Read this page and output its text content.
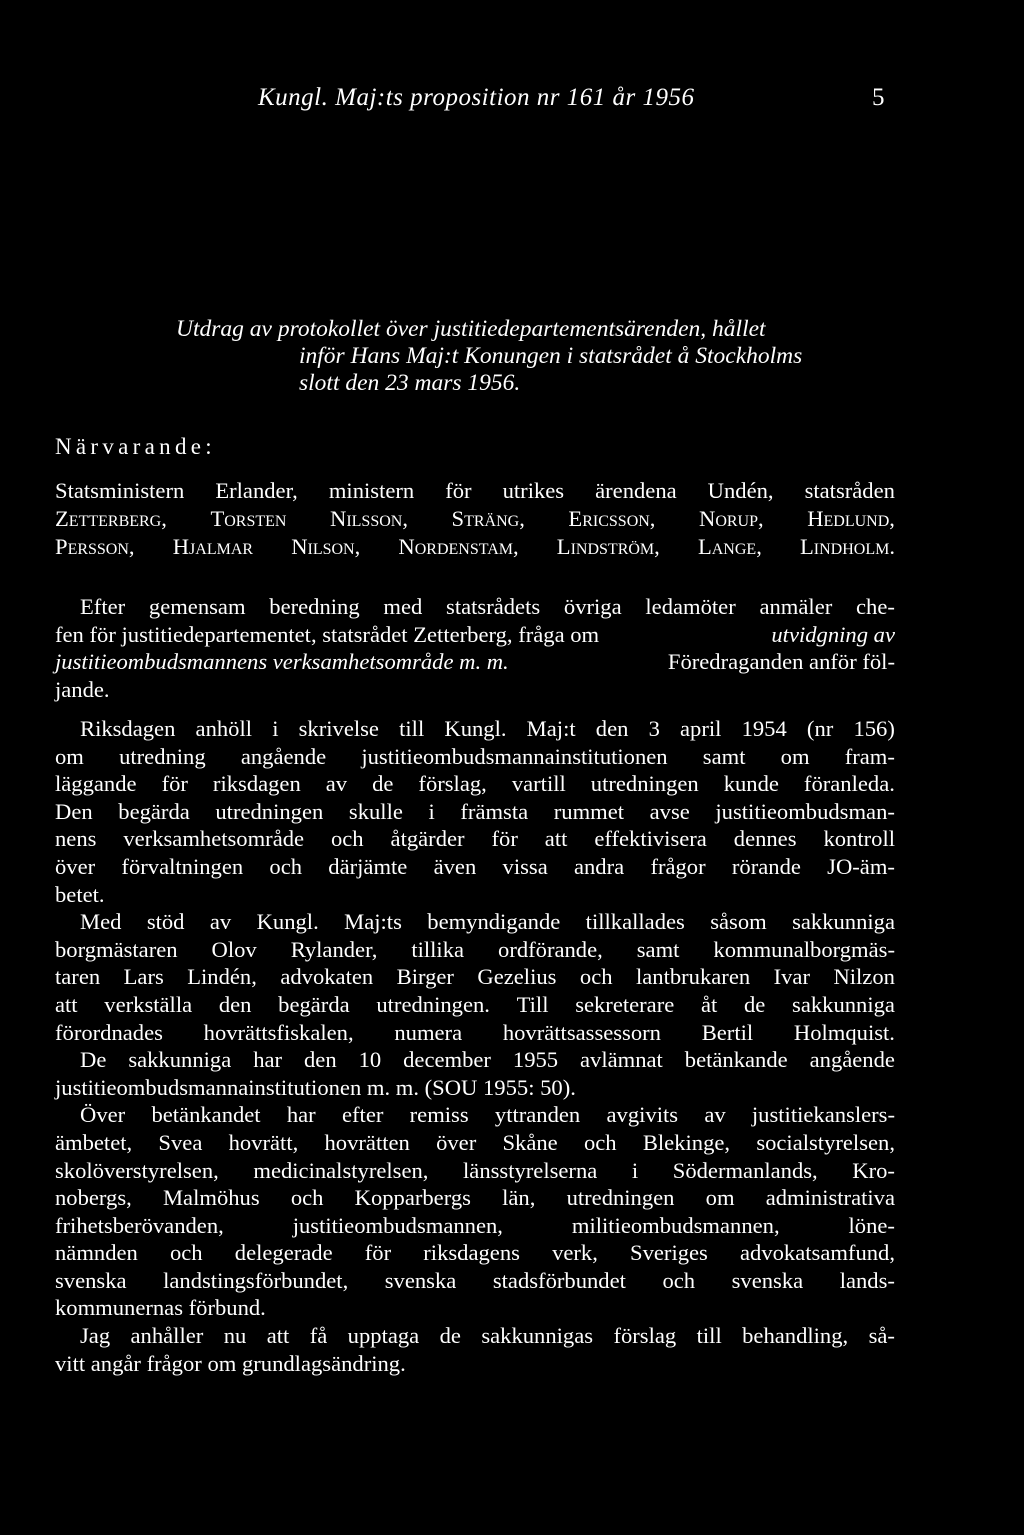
Kungl. Maj:ts proposition nr 161 år 1956	5
Utdrag av protokollet över justitiedepartementsärenden, hållet
inför Hans Maj:t Konungen i statsrådet å Stockholms
slott den 23 mars 1956.
Närvarande:
Statsministern Erlander, ministern för utrikes ärendena Undén, statsråden
Zetterberg, Torsten Nilsson, Sträng, Ericsson, Norup, Hedlund,
Persson, Hjalmar Nilson, Nordenstam, Lindström, Lange, Lindholm.
Efter gemensam beredning med statsrådets övriga ledamöter anmäler che-
fen för justitiedepartementet, statsrådet Zetterberg, fråga om	utvidgning av
justitieombudsmannens verksamhetsområde m. m.	Föredraganden anför föl-
jande.
Riksdagen anhöll i skrivelse till Kungl. Maj:t den 3 april 1954 (nr 156)
om utredning angående justitieombudsmannainstitutionen samt om fram-
läggande för riksdagen av de förslag, vartill utredningen kunde föranleda.
Den begärda utredningen skulle i främsta rummet avse justitieombudsman-
nens verksamhetsområde och åtgärder för att effektivisera dennes kontroll
över förvaltningen och därjämte även vissa andra frågor rörande JO-äm-
betet.
Med stöd av Kungl. Maj:ts bemyndigande tillkallades såsom sakkunniga
borgmästaren Olov Rylander, tillika ordförande, samt kommunalborgmäs-
taren Lars Lindén, advokaten Birger Gezelius och lantbrukaren Ivar Nilzon
att verkställa den begärda utredningen. Till sekreterare åt de sakkunniga
förordnades hovrättsfiskalen, numera hovrättsassessorn Bertil Holmquist.
De sakkunniga har den 10 december 1955 avlämnat betänkande angående
justitieombudsmannainstitutionen m. m. (SOU 1955: 50).
Över betänkandet har efter remiss yttranden avgivits av justitiekanslers-
ämbetet, Svea hovrätt, hovrätten över Skåne och Blekinge, socialstyrelsen,
skolöverstyrelsen, medicinalstyrelsen, länsstyrelserna i Södermanlands, Kro-
nobergs, Malmöhus och Kopparbergs län, utredningen om administrativa
frihetsberövanden,	justitieombudsmannen,	militieombudsmannen,	löne-
nämnden och delegerade för riksdagens verk, Sveriges advokatsamfund,
svenska landstingsförbundet, svenska stadsförbundet och svenska lands-
kommunernas förbund.
Jag anhåller nu att få upptaga de sakkunnigas förslag till behandling, så-
vitt angår frågor om grundlagsändring.
